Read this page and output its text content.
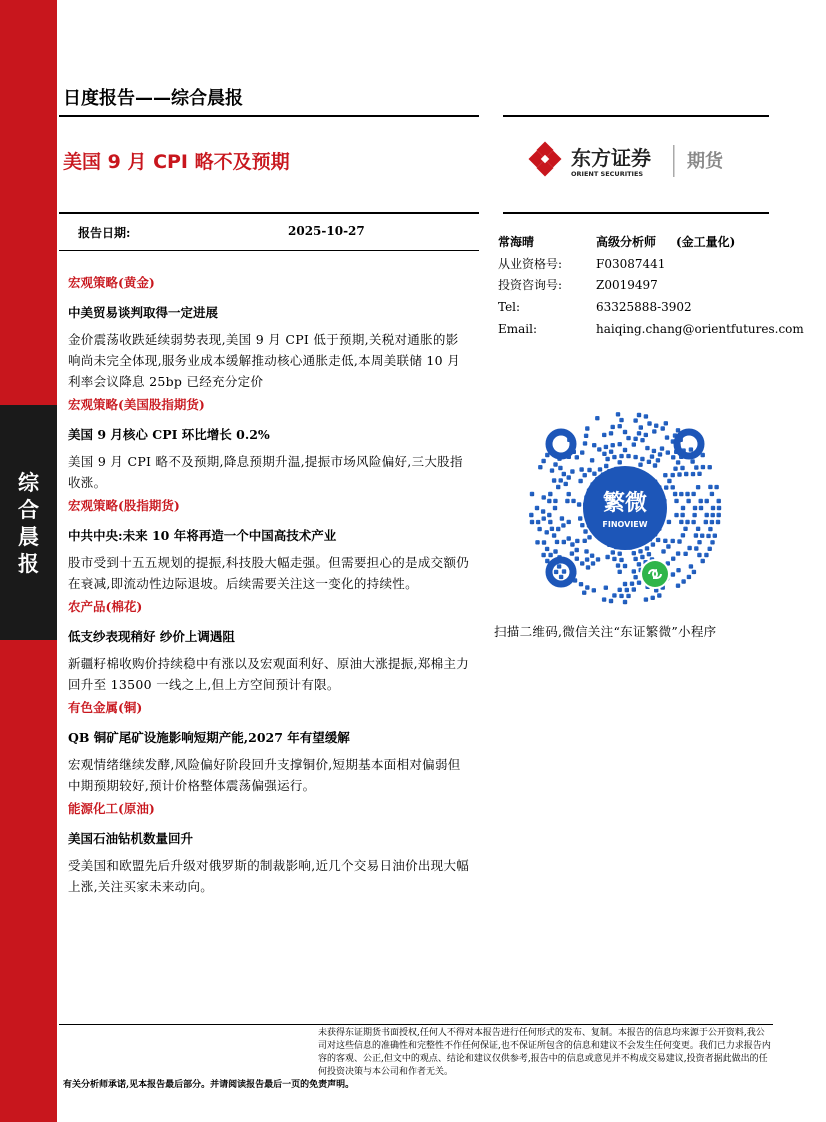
综
合
晨
报
日度报告——综合晨报
美国 9 月 CPI 略不及预期	东方证券
ORIENT SECURITIES
期货
报告日期:	2025-10-27
宏观策略(黄金)
中美贸易谈判取得一定进展
金价震荡收跌延续弱势表现,美国 9 月 CPI 低于预期,关税对通胀的影响尚未完全体现,服务业成本缓解推动核心通胀走低,本周美联储 10 月利率会议降息 25bp 已经充分定价
宏观策略(美国股指期货)
美国 9 月核心 CPI 环比增长 0.2%
美国 9 月 CPI 略不及预期,降息预期升温,提振市场风险偏好,三大股指收涨。
宏观策略(股指期货)
中共中央:未来 10 年将再造一个中国高技术产业
股市受到十五五规划的提振,科技股大幅走强。但需要担心的是成交额仍在衰减,即流动性边际退坡。后续需要关注这一变化的持续性。
农产品(棉花)
低支纱表现稍好 纱价上调遇阻
新疆籽棉收购价持续稳中有涨以及宏观面利好、原油大涨提振,郑棉主力回升至 13500 一线之上,但上方空间预计有限。
有色金属(铜)
QB 铜矿尾矿设施影响短期产能,2027 年有望缓解
宏观情绪继续发酵,风险偏好阶段回升支撑铜价,短期基本面相对偏弱但中期预期较好,预计价格整体震荡偏强运行。
能源化工(原油)
美国石油钻机数量回升
受美国和欧盟先后升级对俄罗斯的制裁影响,近几个交易日油价出现大幅上涨,关注买家未来动向。
常海晴	高级分析师 (金工量化)
从业资格号:	F03087441
投资咨询号:	Z0019497
Tel:	63325888-3902
Email:	haiqing.chang@orientfutures.com
繁微
FINOVIEW
扫描二维码,微信关注“东证繁微”小程序
未获得东证期货书面授权,任何人不得对本报告进行任何形式的发布、复制。本报告的信息均来源于公开资料,我公司对这些信息的准确性和完整性不作任何保证,也不保证所包含的信息和建议不会发生任何变更。我们已力求报告内容的客观、公正,但文中的观点、结论和建议仅供参考,报告中的信息或意见并不构成交易建议,投资者据此做出的任何投资决策与本公司和作者无关。
有关分析师承诺,见本报告最后部分。并请阅读报告最后一页的免责声明。
